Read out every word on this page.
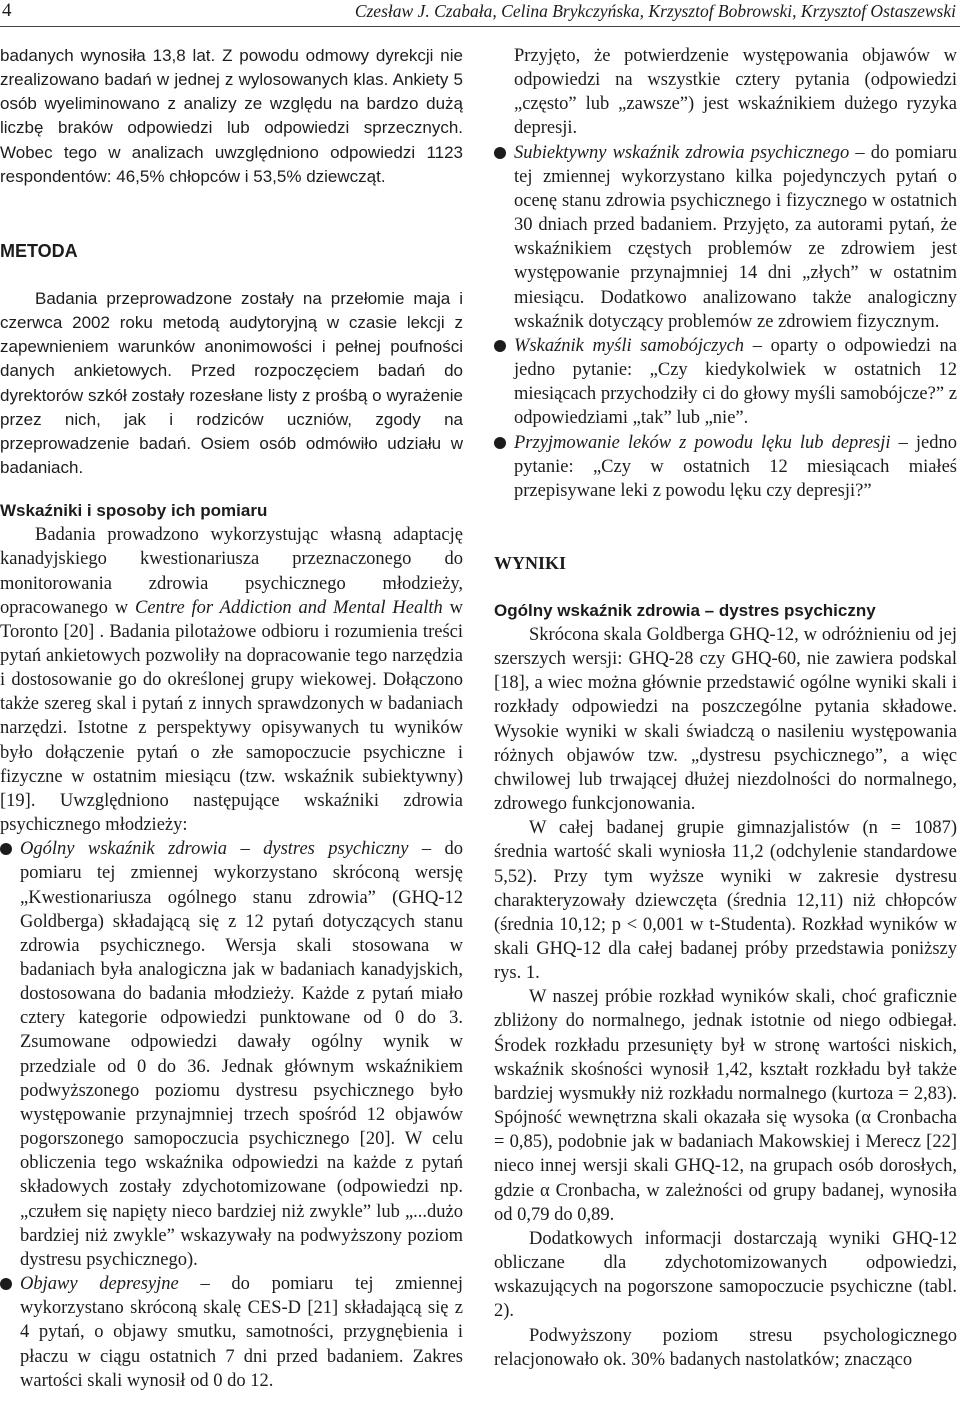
4	Czesław J. Czabała, Celina Brykczyńska, Krzysztof Bobrowski, Krzysztof Ostaszewski

badanych wynosiła 13,8 lat. Z powodu odmowy dyrekcji nie zrealizowano badań w jednej z wylosowanych klas. Ankiety 5 osób wyeliminowano z analizy ze względu na bardzo dużą liczbę braków odpowiedzi lub odpowiedzi sprzecznych. Wobec tego w analizach uwzględniono odpowiedzi 1123 respondentów: 46,5% chłopców i 53,5% dziewcząt.

METODA

Badania przeprowadzone zostały na przełomie maja i czerwca 2002 roku metodą audytoryjną w czasie lekcji z zapewnieniem warunków anonimowości i pełnej poufności danych ankietowych. Przed rozpoczęciem badań do dyrektorów szkół zostały rozesłane listy z prośbą o wyrażenie przez nich, jak i rodziców uczniów, zgody na przeprowadzenie badań. Osiem osób odmówiło udziału w badaniach.

Wskaźniki i sposoby ich pomiaru

Badania prowadzono wykorzystując własną adaptację kanadyjskiego kwestionariusza przeznaczonego do monitorowania zdrowia psychicznego młodzieży, opracowanego w Centre for Addiction and Mental Health w Toronto [20] . Badania pilotażowe odbioru i rozumienia treści pytań ankietowych pozwoliły na dopracowanie tego narzędzia i dostosowanie go do określonej grupy wiekowej. Dołączono także szereg skal i pytań z innych sprawdzonych w badaniach narzędzi. Istotne z perspektywy opisywanych tu wyników było dołączenie pytań o złe samopoczucie psychiczne i fizyczne w ostatnim miesiącu (tzw. wskaźnik subiektywny) [19]. Uwzględniono następujące wskaźniki zdrowia psychicznego młodzieży:

Ogólny wskaźnik zdrowia – dystres psychiczny – do pomiaru tej zmiennej wykorzystano skróconą wersję „Kwestionariusza ogólnego stanu zdrowia” (GHQ-12 Goldberga) składającą się z 12 pytań dotyczących stanu zdrowia psychicznego. Wersja skali stosowana w badaniach była analogiczna jak w badaniach kanadyjskich, dostosowana do badania młodzieży. Każde z pytań miało cztery kategorie odpowiedzi punktowane od 0 do 3. Zsumowane odpowiedzi dawały ogólny wynik w przedziale od 0 do 36. Jednak głównym wskaźnikiem podwyższonego poziomu dystresu psychicznego było występowanie przynajmniej trzech spośród 12 objawów pogorszonego samopoczucia psychicznego [20]. W celu obliczenia tego wskaźnika odpowiedzi na każde z pytań składowych zostały zdychotomizowane (odpowiedzi np. „czułem się napięty nieco bardziej niż zwykle” lub „...dużo bardziej niż zwykle” wskazywały na podwyższony poziom dystresu psychicznego).

Objawy depresyjne – do pomiaru tej zmiennej wykorzystano skróconą skalę CES-D [21] składającą się z 4 pytań, o objawy smutku, samotności, przygnębienia i płaczu w ciągu ostatnich 7 dni przed badaniem. Zakres wartości skali wynosił od 0 do 12.

Przyjęto, że potwierdzenie występowania objawów w odpowiedzi na wszystkie cztery pytania (odpowiedzi „często” lub „zawsze”) jest wskaźnikiem dużego ryzyka depresji.

Subiektywny wskaźnik zdrowia psychicznego – do pomiaru tej zmiennej wykorzystano kilka pojedynczych pytań o ocenę stanu zdrowia psychicznego i fizycznego w ostatnich 30 dniach przed badaniem. Przyjęto, za autorami pytań, że wskaźnikiem częstych problemów ze zdrowiem jest występowanie przynajmniej 14 dni „złych” w ostatnim miesiącu. Dodatkowo analizowano także analogiczny wskaźnik dotyczący problemów ze zdrowiem fizycznym.

Wskaźnik myśli samobójczych – oparty o odpowiedzi na jedno pytanie: „Czy kiedykolwiek w ostatnich 12 miesiącach przychodziły ci do głowy myśli samobójcze?” z odpowiedziami „tak” lub „nie”.

Przyjmowanie leków z powodu lęku lub depresji – jedno pytanie: „Czy w ostatnich 12 miesiącach miałeś przepisywane leki z powodu lęku czy depresji?”

WYNIKI
Ogólny wskaźnik zdrowia – dystres psychiczny

Skrócona skala Goldberga GHQ-12, w odróżnieniu od jej szerszych wersji: GHQ-28 czy GHQ-60, nie zawiera podskal [18], a wiec można głównie przedstawić ogólne wyniki skali i rozkłady odpowiedzi na poszczególne pytania składowe. Wysokie wyniki w skali świadczą o nasileniu występowania różnych objawów tzw. „dystresu psychicznego”, a więc chwilowej lub trwającej dłużej niezdolności do normalnego, zdrowego funkcjonowania.

W całej badanej grupie gimnazjalistów (n = 1087) średnia wartość skali wyniosła 11,2 (odchylenie standardowe 5,52). Przy tym wyższe wyniki w zakresie dystresu charakteryzowały dziewczęta (średnia 12,11) niż chłopców (średnia 10,12; p < 0,001 w t-Studenta). Rozkład wyników w skali GHQ-12 dla całej badanej próby przedstawia poniższy rys. 1.

W naszej próbie rozkład wyników skali, choć graficznie zbliżony do normalnego, jednak istotnie od niego odbiegał. Środek rozkładu przesunięty był w stronę wartości niskich, wskaźnik skośności wynosił 1,42, kształt rozkładu był także bardziej wysmukły niż rozkładu normalnego (kurtoza = 2,83). Spójność wewnętrzna skali okazała się wysoka (α Cronbacha = 0,85), podobnie jak w badaniach Makowskiej i Merecz [22] nieco innej wersji skali GHQ-12, na grupach osób dorosłych, gdzie α Cronbacha, w zależności od grupy badanej, wynosiła od 0,79 do 0,89.

Dodatkowych informacji dostarczają wyniki GHQ-12 obliczane dla zdychotomizowanych odpowiedzi, wskazujących na pogorszone samopoczucie psychiczne (tabl. 2).

Podwyższony poziom stresu psychologicznego relacjonowało ok. 30% badanych nastolatków; znacząco
